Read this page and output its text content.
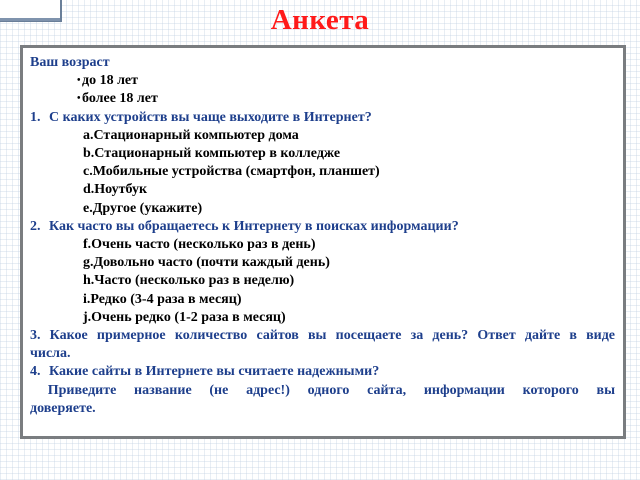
Анкета
Ваш возраст
• до 18 лет
• более 18 лет
1. С каких устройств вы чаще выходите в Интернет?
a.Стационарный компьютер дома
b.Стационарный компьютер в колледже
c.Мобильные устройства (смартфон, планшет)
d.Ноутбук
e.Другое (укажите)
2. Как часто вы обращаетесь к Интернету в поисках информации?
f.Очень часто (несколько раз в день)
g.Довольно часто (почти каждый день)
h.Часто (несколько раз в неделю)
i.Редко (3-4 раза в месяц)
j.Очень редко (1-2 раза в месяц)
3. Какое примерное количество сайтов вы посещаете за день? Ответ дайте в виде
числа.
4. Какие сайты в Интернете вы считаете надежными?
Приведите название (не адрес!) одного сайта, информации которого вы
доверяете.
